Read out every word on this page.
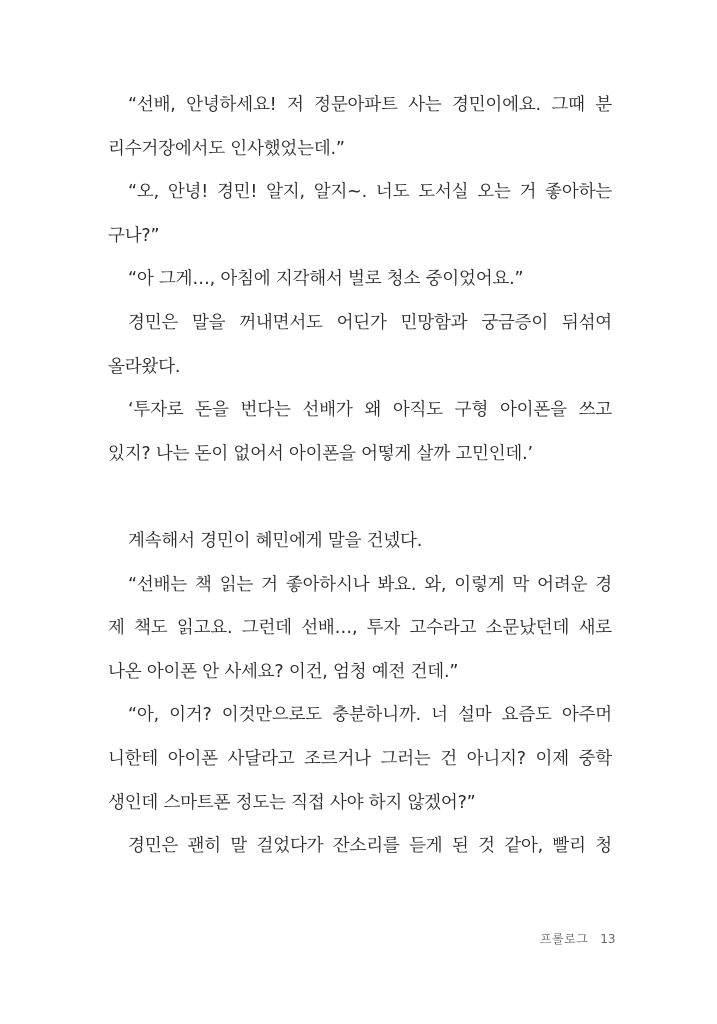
“선배, 안녕하세요! 저 정문아파트 사는 경민이에요. 그때 분
리수거장에서도 인사했었는데.”
“오, 안녕! 경민! 알지, 알지~. 너도 도서실 오는 거 좋아하는
구나?”
“아 그게…, 아침에 지각해서 벌로 청소 중이었어요.”
경민은 말을 꺼내면서도 어딘가 민망함과 궁금증이 뒤섞여
올라왔다.
‘투자로 돈을 번다는 선배가 왜 아직도 구형 아이폰을 쓰고
있지? 나는 돈이 없어서 아이폰을 어떻게 살까 고민인데.’
계속해서 경민이 혜민에게 말을 건넸다.
“선배는 책 읽는 거 좋아하시나 봐요. 와, 이렇게 막 어려운 경
제 책도 읽고요. 그런데 선배…, 투자 고수라고 소문났던데 새로
나온 아이폰 안 사세요? 이건, 엄청 예전 건데.”
“아, 이거? 이것만으로도 충분하니까. 너 설마 요즘도 아주머
니한테 아이폰 사달라고 조르거나 그러는 건 아니지? 이제 중학
생인데 스마트폰 정도는 직접 사야 하지 않겠어?”
경민은 괜히 말 걸었다가 잔소리를 듣게 된 것 같아, 빨리 청
프롤로그 13
